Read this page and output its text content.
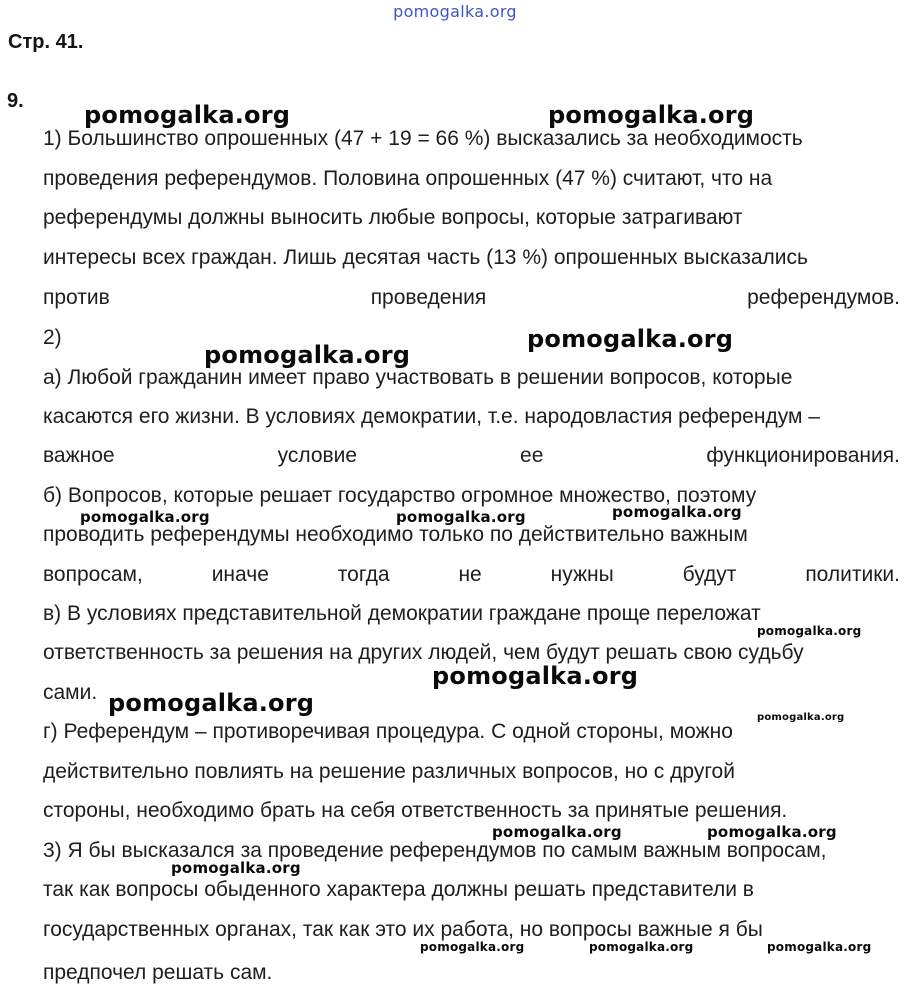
pomogalka.org
Стр. 41.
9.
1) Большинство опрошенных (47 + 19 = 66 %) высказались за необходимость
проведения референдумов. Половина опрошенных (47 %) считают, что на
референдумы должны выносить любые вопросы, которые затрагивают
интересы всех граждан. Лишь десятая часть (13 %) опрошенных высказались
против	проведения	референдумов.
2)
а) Любой гражданин имеет право участвовать в решении вопросов, которые
касаются его жизни. В условиях демократии, т.е. народовластия референдум –
важное	условие	ее	функционирования.
б) Вопросов, которые решает государство огромное множество, поэтому
проводить референдумы необходимо только по действительно важным
вопросам,	иначе	тогда	не	нужны	будут	политики.
в) В условиях представительной демократии граждане проще переложат
ответственность за решения на других людей, чем будут решать свою судьбу
сами.
г) Референдум – противоречивая процедура. С одной стороны, можно
действительно повлиять на решение различных вопросов, но с другой
стороны, необходимо брать на себя ответственность за принятые решения.
3) Я бы высказался за проведение референдумов по самым важным вопросам,
так как вопросы обыденного характера должны решать представители в
государственных органах, так как это их работа, но вопросы важные я бы
предпочел решать сам.
pomogalka.org	pomogalka.org
pomogalka.org
pomogalka.org
pomogalka.org
pomogalka.org	pomogalka.org
pomogalka.org
pomogalka.org
pomogalka.org
pomogalka.org
pomogalka.org	pomogalka.org
pomogalka.org
pomogalka.org	pomogalka.org	pomogalka.org
